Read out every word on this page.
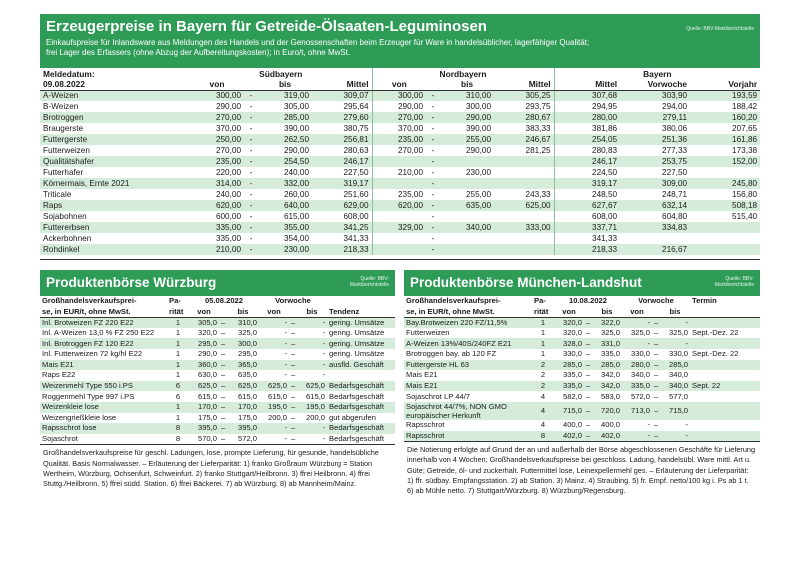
Erzeugerpreise in Bayern für Getreide-Ölsaaten-Leguminosen	Quelle: BBV-Marktberichtstelle
Einkaufspreise für Inlandsware aus Meldungen des Handels und der Genossenschaften beim Erzeuger für Ware in handelsüblicher, lagerfähiger Qualität;
frei Lager des Erfassers (ohne Abzug der Aufbereitungskosten); in Euro/t, ohne MwSt.
Meldedatum:	Südbayern				Nordbayern				Bayern		
09.08.2022	von		bis	Mittel	von		bis	Mittel	Mittel	Vorwoche	Vorjahr
A-Weizen	300,00	-	319,00	309,07	300,00	-	310,00	305,25	307,68	303,90	193,59
B-Weizen	290,00	-	305,00	295,64	290,00	-	300,00	293,75	294,95	294,00	188,42
Brotroggen	270,00	-	285,00	279,60	270,00	-	290,00	280,67	280,00	279,11	160,20
Braugerste	370,00	-	390,00	380,75	370,00	-	390,00	383,33	381,86	380,06	207,65
Futtergerste	250,00	-	262,50	256,81	235,00	-	255,00	246,67	254,05	251,36	161,86
Futterweizen	270,00	-	290,00	280,63	270,00	-	290,00	281,25	280,83	277,33	173,38
Qualitätshafer	235,00	-	254,50	246,17		-			246,17	253,75	152,00
Futterhafer	220,00	-	240,00	227,50	210,00	-	230,00		224,50	227,50	
Körnermais, Ernte 2021	314,00	-	332,00	319,17		-			319,17	309,00	245,80
Triticale	240,00	-	260,00	251,60	235,00	-	255,00	243,33	248,50	248,71	156,80
Raps	620,00	-	640,00	629,00	620,00	-	635,00	625,00	627,67	632,14	508,18
Sojabohnen	600,00	-	615,00	608,00		-			608,00	604,80	515,40
Futtererbsen	335,00	-	355,00	341,25	329,00	-	340,00	333,00	337,71	334,83	
Ackerbohnen	335,00	-	354,00	341,33		-			341,33		
Rohdinkel	210,00	-	230,00	218,33		-			218,33	216,67	
Produktenbörse Würzburg	Quelle: BBV-Marktberichtstelle
Großhandelsverkaufsprei-	Pa-	05.08.2022			Vorwoche			
se, in EUR/t, ohne MwSt.	rität	von		bis	von		bis	Tendenz
Inl. Brotweizen FZ 220 E22	1	305,0	–	310,0	-	–	-	gering. Umsätze
Inl. A-Weizen 13,0 % FZ 250 E22	1	320,0	–	325,0	-	–	-	gering. Umsätze
Inl. Brotroggen FZ 120 E22	1	295,0	–	300,0	-	–	-	gering. Umsätze
Inl. Futterweizen 72 kg/hl E22	1	290,0	–	295,0	-	–	-	gering. Umsätze
Mais E21	1	360,0	–	365,0	-	–	-	ausfld. Geschäft
Raps E22	1	630,0	–	635,0	-	–	-	
Weizenmehl Type 550 i.PS	6	625,0	–	625,0	625,0	–	625,0	Bedarfsgeschäft
Roggenmehl Type 997 i.PS	6	615,0	–	615,0	615,0	–	615,0	Bedarfsgeschäft
Weizenkleie lose	1	170,0	–	170,0	195,0	–	195,0	Bedarfsgeschäft
Weizengrießkleie lose	1	175,0	–	175,0	200,0	–	200,0	gut abgerufen
Rapsschrot lose	8	395,0	–	395,0	-	–	-	Bedarfsgeschäft
Sojaschrot	8	570,0	–	572,0	-	–	-	Bedarfsgeschäft
Großhandelsverkaufspreise für geschl. Ladungen, lose, prompte Lieferung, für gesunde, handelsübliche Qualität. Basis Normalwasser. – Erläuterung der Lieferparität: 1) franko Großraum Würzburg = Station Wertheim, Würzburg, Ochsenfurt, Schweinfurt. 2) franko Stuttgart/Heilbronn. 3) ffrei Heilbronn. 4) ffrei Stuttg./Heilbronn. 5) ffrei südd. Station. 6) ffrei Bäckerei. 7) ab Würzburg. 8) ab Mannheim/Mainz.
Produktenbörse München-Landshut	Quelle: BBV-Marktberichtstelle
Großhandelsverkaufsprei-	Pa-	10.08.2022			Vorwoche			Termin
se, in EUR/t, ohne MwSt.	rität	von		bis	von		bis	
Bay.Brotweizen 220 FZ/11,5%	1	320,0	–	322,0	-	–	-	
Futterweizen	1	320,0	–	325,0	325,0	–	325,0	Sept.-Dez. 22
A-Weizen 13%/40S/240FZ E21	1	328,0	–	331,0	-	–	-	
Brotroggen bay. ab 120 FZ	1	330,0	–	335,0	330,0	–	330,0	Sept.-Dez. 22
Futtergerste HL 63	2	285,0	–	285,0	280,0	–	285,0	
Mais E21	2	335,0	–	342,0	340,0	–	340,0	
Mais E21	2	335,0	–	342,0	335,0	–	340,0	Sept. 22
Sojaschrot LP 44/7	4	582,0	–	583,0	572,0	–	577,0	
Sojaschrot 44/7%, NON GMO europäischer Herkunft	4	715,0	–	720,0	713,0	–	715,0	
Rapsschrot	4	400,0	–	400,0	-	–	-	
Rapsschrot	8	402,0	–	402,0	-	–	-	
Die Notierung erfolgte auf Grund der an und außerhalb der Börse abgeschlossenen Geschäfte für Lieferung innerhalb von 4 Wochen; Großhandelsverkaufspreise bei geschloss. Ladung, handelsübl. Ware mittl. Art u. Güte; Getreide, öl- und zuckerhalt. Futtermittel lose, Leinexpellermehl ges. – Erläuterung der Lieferparität: 1) ffr. südbay. Empfangsstation. 2) ab Station. 3) Mainz. 4) Straubing. 5) fr. Empf. netto/100 kg i. Ps ab 1 t. 6) ab Mühle netto. 7) Stuttgart/Würzburg. 8) Würzburg/Regensburg.
